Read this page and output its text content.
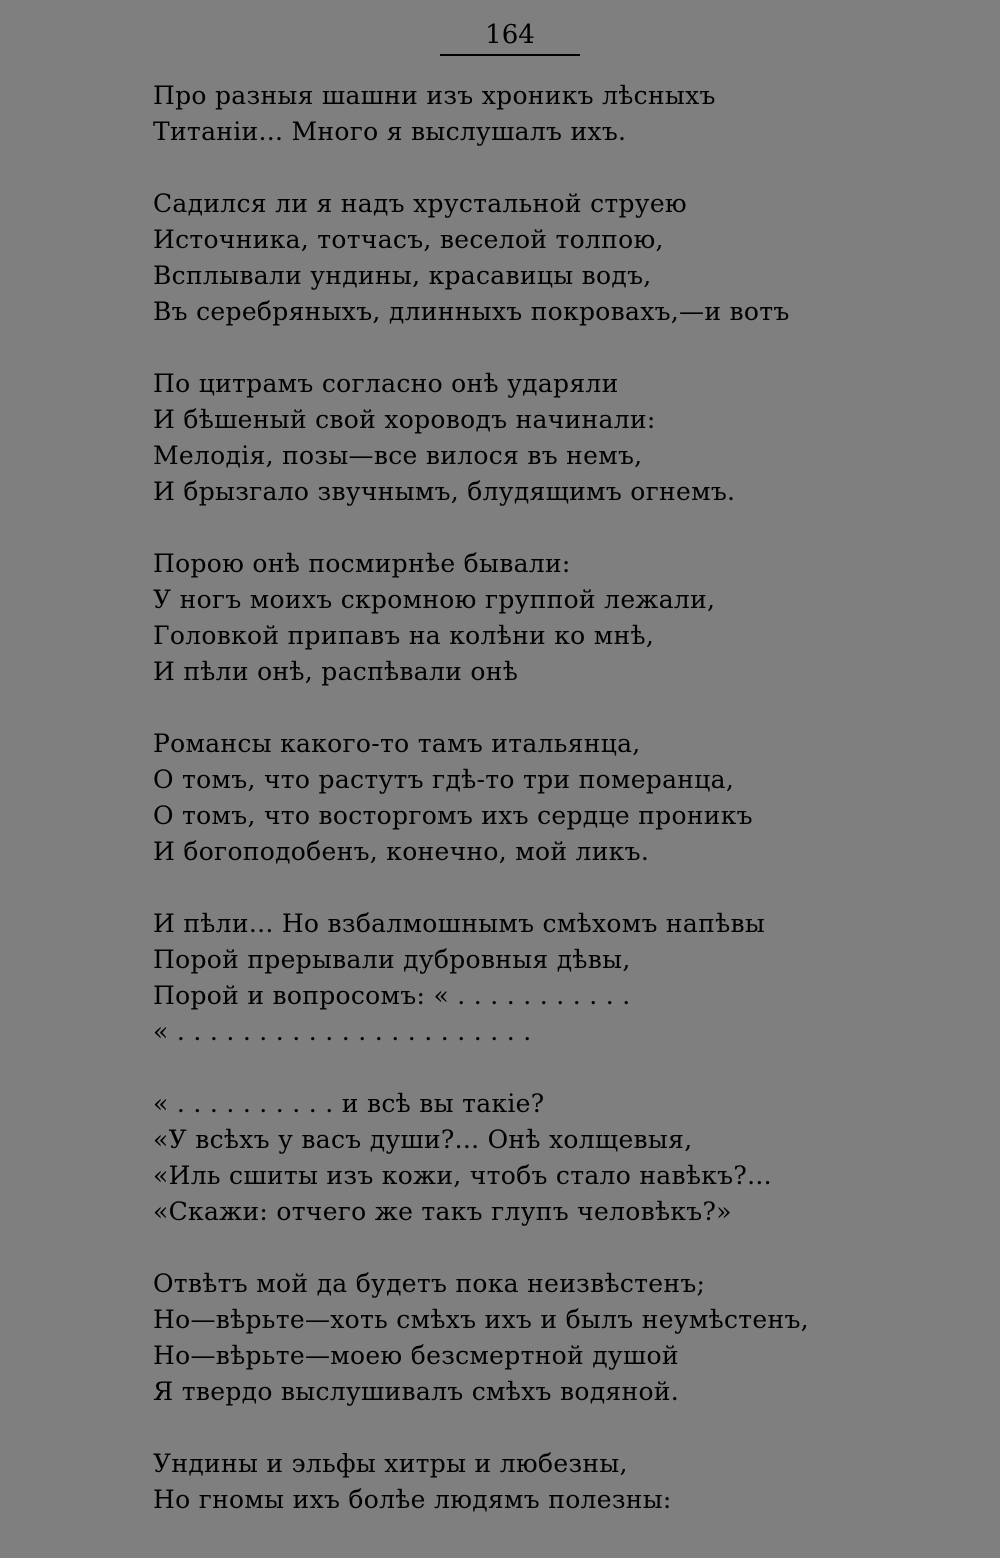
164
Про разныя шашни изъ хроникъ лѣсныхъ
Титаніи... Много я выслушалъ ихъ.
Садился ли я надъ хрустальной струею
Источника, тотчасъ, веселой толпою,
Всплывали ундины, красавицы водъ,
Въ серебряныхъ, длинныхъ покровахъ,—и вотъ
По цитрамъ согласно онѣ ударяли
И бѣшеный свой хороводъ начинали:
Мелодія, позы—все вилося въ немъ,
И брызгало звучнымъ, блудящимъ огнемъ.
Порою онѣ посмирнѣе бывали:
У ногъ моихъ скромною группой лежали,
Головкой припавъ на колѣни ко мнѣ,
И пѣли онѣ, распѣвали онѣ
Романсы какого-то тамъ итальянца,
О томъ, что растутъ гдѣ-то три померанца,
О томъ, что восторгомъ ихъ сердце проникъ
И богоподобенъ, конечно, мой ликъ.
И пѣли... Но взбалмошнымъ смѣхомъ напѣвы
Порой прерывали дубровныя дѣвы,
Порой и вопросомъ: « . . . . . . . . . . .
« . . . . . . . . . . . . . . . . . . . . . .
« . . . . . . . . . . и всѣ вы такіе?
«У всѣхъ у васъ души?... Онѣ холщевыя,
«Иль сшиты изъ кожи, чтобъ стало навѣкъ?...
«Скажи: отчего же такъ глупъ человѣкъ?»
Отвѣтъ мой да будетъ пока неизвѣстенъ;
Но—вѣрьте—хоть смѣхъ ихъ и былъ неумѣстенъ,
Но—вѣрьте—моею безсмертной душой
Я твердо выслушивалъ смѣхъ водяной.
Ундины и эльфы хитры и любезны,
Но гномы ихъ болѣе людямъ полезны:
